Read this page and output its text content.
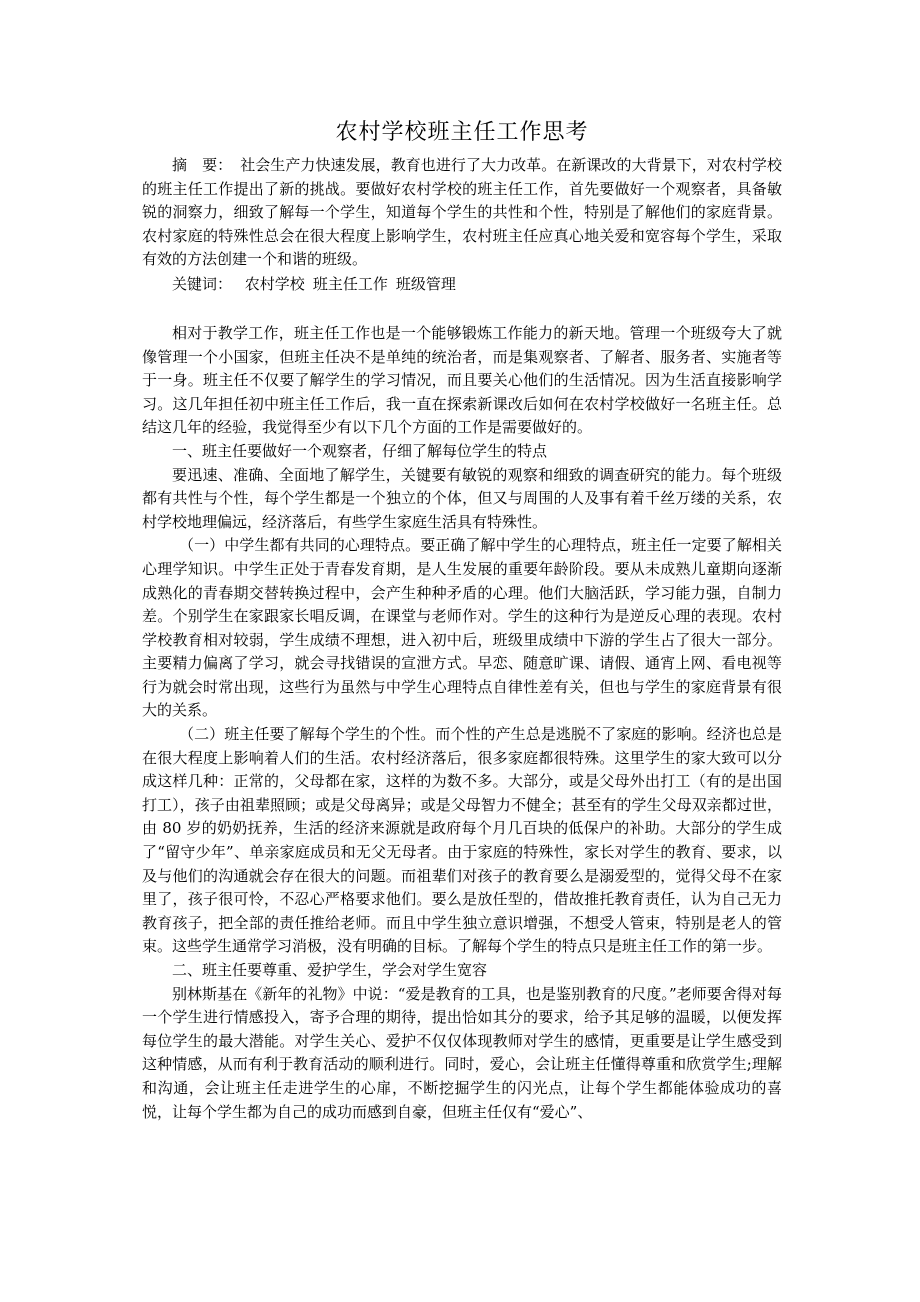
农村学校班主任工作思考

摘　要： 社会生产力快速发展，教育也进行了大力改革。在新课改的大背景下，对农村学校的班主任工作提出了新的挑战。要做好农村学校的班主任工作，首先要做好一个观察者，具备敏锐的洞察力，细致了解每一个学生，知道每个学生的共性和个性，特别是了解他们的家庭背景。农村家庭的特殊性总会在很大程度上影响学生，农村班主任应真心地关爱和宽容每个学生，采取有效的方法创建一个和谐的班级。

关键词： 农村学校 班主任工作 班级管理

相对于教学工作，班主任工作也是一个能够锻炼工作能力的新天地。管理一个班级夸大了就像管理一个小国家，但班主任决不是单纯的统治者，而是集观察者、了解者、服务者、实施者等于一身。班主任不仅要了解学生的学习情况，而且要关心他们的生活情况。因为生活直接影响学习。这几年担任初中班主任工作后，我一直在探索新课改后如何在农村学校做好一名班主任。总结这几年的经验，我觉得至少有以下几个方面的工作是需要做好的。

一、班主任要做好一个观察者，仔细了解每位学生的特点

要迅速、准确、全面地了解学生，关键要有敏锐的观察和细致的调查研究的能力。每个班级都有共性与个性，每个学生都是一个独立的个体，但又与周围的人及事有着千丝万缕的关系，农村学校地理偏远，经济落后，有些学生家庭生活具有特殊性。

（一）中学生都有共同的心理特点。要正确了解中学生的心理特点，班主任一定要了解相关心理学知识。中学生正处于青春发育期，是人生发展的重要年龄阶段。要从未成熟儿童期向逐渐成熟化的青春期交替转换过程中，会产生种种矛盾的心理。他们大脑活跃，学习能力强，自制力差。个别学生在家跟家长唱反调，在课堂与老师作对。学生的这种行为是逆反心理的表现。农村学校教育相对较弱，学生成绩不理想，进入初中后，班级里成绩中下游的学生占了很大一部分。主要精力偏离了学习，就会寻找错误的宣泄方式。早恋、随意旷课、请假、通宵上网、看电视等行为就会时常出现，这些行为虽然与中学生心理特点自律性差有关，但也与学生的家庭背景有很大的关系。

（二）班主任要了解每个学生的个性。而个性的产生总是逃脱不了家庭的影响。经济也总是在很大程度上影响着人们的生活。农村经济落后，很多家庭都很特殊。这里学生的家大致可以分成这样几种：正常的，父母都在家，这样的为数不多。大部分，或是父母外出打工（有的是出国打工），孩子由祖辈照顾；或是父母离异；或是父母智力不健全；甚至有的学生父母双亲都过世，由 80 岁的奶奶抚养，生活的经济来源就是政府每个月几百块的低保户的补助。大部分的学生成了“留守少年”、单亲家庭成员和无父无母者。由于家庭的特殊性，家长对学生的教育、要求，以及与他们的沟通就会存在很大的问题。而祖辈们对孩子的教育要么是溺爱型的，觉得父母不在家里了，孩子很可怜，不忍心严格要求他们。要么是放任型的，借故推托教育责任，认为自己无力教育孩子，把全部的责任推给老师。而且中学生独立意识增强，不想受人管束，特别是老人的管束。这些学生通常学习消极，没有明确的目标。了解每个学生的特点只是班主任工作的第一步。

二、班主任要尊重、爱护学生，学会对学生宽容

别林斯基在《新年的礼物》中说：“爱是教育的工具，也是鉴别教育的尺度。”老师要舍得对每一个学生进行情感投入，寄予合理的期待，提出恰如其分的要求，给予其足够的温暖，以便发挥每位学生的最大潜能。对学生关心、爱护不仅仅体现教师对学生的感情，更重要是让学生感受到这种情感，从而有利于教育活动的顺利进行。同时，爱心，会让班主任懂得尊重和欣赏学生;理解和沟通，会让班主任走进学生的心扉，不断挖掘学生的闪光点，让每个学生都能体验成功的喜悦，让每个学生都为自己的成功而感到自豪，但班主任仅有“爱心”、
